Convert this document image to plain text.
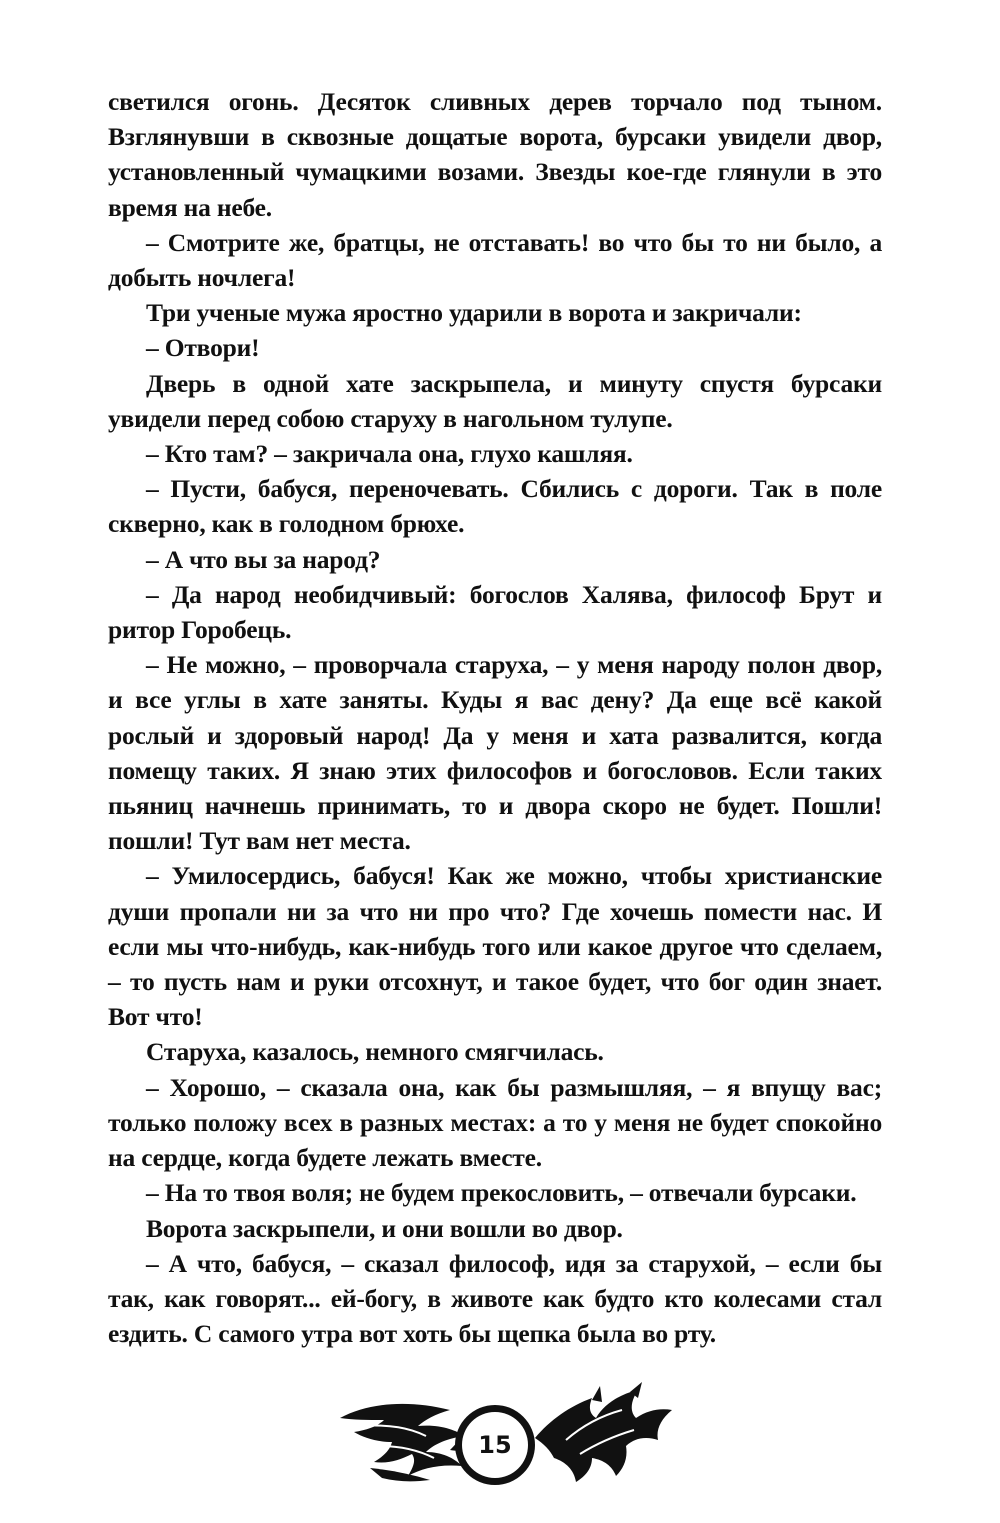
светился огонь. Десяток сливных дерев торчало под тыном. Взглянувши в сквозные дощатые ворота, бурсаки увидели двор, установленный чумацкими возами. Звезды кое-где глянули в это время на небе.

– Смотрите же, братцы, не отставать! во что бы то ни было, а добыть ночлега!

Три ученые мужа яростно ударили в ворота и закричали:

– Отвори!

Дверь в одной хате заскрыпела, и минуту спустя бурсаки увидели перед собою старуху в нагольном тулупе.

– Кто там? – закричала она, глухо кашляя.

– Пусти, бабуся, переночевать. Сбились с дороги. Так в поле скверно, как в голодном брюхе.

– А что вы за народ?

– Да народ необидчивый: богослов Халява, философ Брут и ритор Горобець.

– Не можно, – проворчала старуха, – у меня народу полон двор, и все углы в хате заняты. Куды я вас дену? Да еще всё какой рослый и здоровый народ! Да у меня и хата развалится, когда помещу таких. Я знаю этих философов и богословов. Если таких пьяниц начнешь принимать, то и двора скоро не будет. Пошли! пошли! Тут вам нет места.

– Умилосердись, бабуся! Как же можно, чтобы христианские души пропали ни за что ни про что? Где хочешь помести нас. И если мы что-нибудь, как-нибудь того или какое другое что сделаем, – то пусть нам и руки отсохнут, и такое будет, что бог один знает. Вот что!

Старуха, казалось, немного смягчилась.

– Хорошо, – сказала она, как бы размышляя, – я впущу вас; только положу всех в разных местах: а то у меня не будет спокойно на сердце, когда будете лежать вместе.

– На то твоя воля; не будем прекословить, – отвечали бурсаки.

Ворота заскрыпели, и они вошли во двор.

– А что, бабуся, – сказал философ, идя за старухой, – если бы так, как говорят... ей-богу, в животе как будто кто колесами стал ездить. С самого утра вот хоть бы щепка была во рту.

15
